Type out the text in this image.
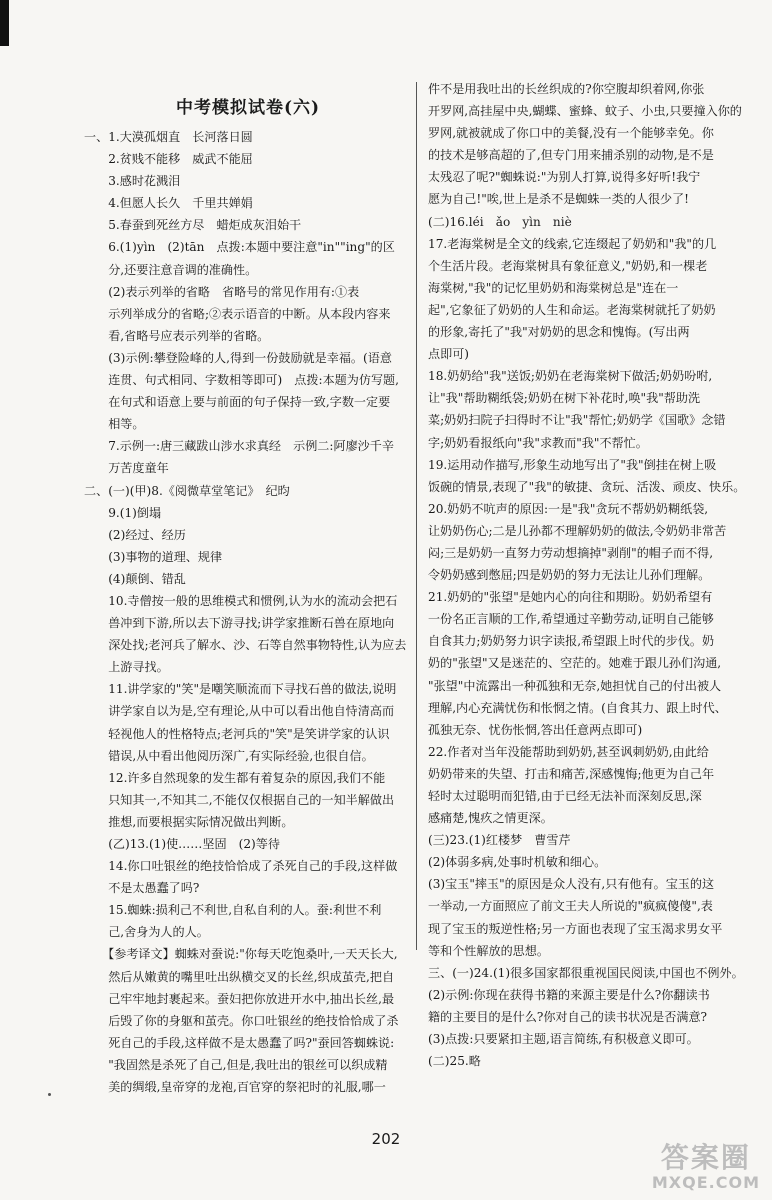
中考模拟试卷(六)
一、1.大漠孤烟直　长河落日圆
　　2.贫贱不能移　威武不能屈
　　3.感时花溅泪
　　4.但愿人长久　千里共婵娟
　　5.春蚕到死丝方尽　蜡炬成灰泪始干
　　6.(1)yìn　(2)tān　点拨:本题中要注意"in""ing"的区
　　分,还要注意音调的准确性。
　　(2)表示列举的省略　省略号的常见作用有:①表
　　示列举成分的省略;②表示语音的中断。从本段内容来
　　看,省略号应表示列举的省略。
　　(3)示例:攀登险峰的人,得到一份鼓励就是幸福。(语意
　　连贯、句式相同、字数相等即可)　点拨:本题为仿写题,
　　在句式和语意上要与前面的句子保持一致,字数一定要
　　相等。
　　7.示例一:唐三藏跋山涉水求真经　示例二:阿廖沙千辛
　　万苦度童年
二、(一)(甲)8.《阅微草堂笔记》　纪昀
　　9.(1)倒塌
　　(2)经过、经历
　　(3)事物的道理、规律
　　(4)颠倒、错乱
　　10.寺僧按一般的思维模式和惯例,认为水的流动会把石
　　兽冲到下游,所以去下游寻找;讲学家推断石兽在原地向
　　深处找;老河兵了解水、沙、石等自然事物特性,认为应去
　　上游寻找。
　　11.讲学家的"笑"是嘲笑顺流而下寻找石兽的做法,说明
　　讲学家自以为是,空有理论,从中可以看出他自恃清高而
　　轻视他人的性格特点;老河兵的"笑"是笑讲学家的认识
　　错误,从中看出他阅历深广,有实际经验,也很自信。
　　12.许多自然现象的发生都有着复杂的原因,我们不能
　　只知其一,不知其二,不能仅仅根据自己的一知半解做出
　　推想,而要根据实际情况做出判断。
　　(乙)13.(1)使……坚固　(2)等待
　　14.你口吐银丝的绝技恰恰成了杀死自己的手段,这样做
　　不是太愚蠢了吗?
　　15.蜘蛛:损利己不利世,自私自利的人。蚕:利世不利
　　己,舍身为人的人。
　　【参考译文】蜘蛛对蚕说:"你每天吃饱桑叶,一天天长大,
　　然后从嫩黄的嘴里吐出纵横交叉的长丝,织成茧壳,把自
　　己牢牢地封裹起来。蚕妇把你放进开水中,抽出长丝,最
　　后毁了你的身躯和茧壳。你口吐银丝的绝技恰恰成了杀
　　死自己的手段,这样做不是太愚蠢了吗?"蚕回答蜘蛛说:
　　"我固然是杀死了自己,但是,我吐出的银丝可以织成精
　　美的绸缎,皇帝穿的龙袍,百官穿的祭祀时的礼服,哪一
件不是用我吐出的长丝织成的?你空腹却织着网,你张
开罗网,高挂屋中央,蝴蝶、蜜蜂、蚊子、小虫,只要撞入你的
罗网,就被就成了你口中的美餐,没有一个能够幸免。你
的技术是够高超的了,但专门用来捕杀别的动物,是不是
太残忍了呢?"蜘蛛说:"为别人打算,说得多好听!我宁
愿为自己!"唉,世上是杀不是蜘蛛一类的人很少了!
(二)16.léi　ǎo　yìn　niè
17.老海棠树是全文的线索,它连缀起了奶奶和"我"的几
个生活片段。老海棠树具有象征意义,"奶奶,和一棵老
海棠树,"我"的记忆里奶奶和海棠树总是"连在一
起",它象征了奶奶的人生和命运。老海棠树就托了奶奶
的形象,寄托了"我"对奶奶的思念和愧悔。(写出两
点即可)
18.奶奶给"我"送饭;奶奶在老海棠树下做活;奶奶吩咐,
让"我"帮助糊纸袋;奶奶在树下补花时,唤"我"帮助洗
菜;奶奶扫院子扫得时不让"我"帮忙;奶奶学《国歌》念错
字;奶奶看报纸向"我"求教而"我"不帮忙。
19.运用动作描写,形象生动地写出了"我"倒挂在树上吸
饭碗的情景,表现了"我"的敏捷、贪玩、活泼、顽皮、快乐。
20.奶奶不吭声的原因:一是"我"贪玩不帮奶奶糊纸袋,
让奶奶伤心;二是儿孙都不理解奶奶的做法,令奶奶非常苦
闷;三是奶奶一直努力劳动想摘掉"剥削"的帽子而不得,
令奶奶感到憋屈;四是奶奶的努力无法让儿孙们理解。
21.奶奶的"张望"是她内心的向往和期盼。奶奶希望有
一份名正言顺的工作,希望通过辛勤劳动,证明自己能够
自食其力;奶奶努力识字读报,希望跟上时代的步伐。奶
奶的"张望"又是迷茫的、空茫的。她难于跟儿孙们沟通,
"张望"中流露出一种孤独和无奈,她担忧自己的付出被人
理解,内心充满忧伤和怅惘之情。(自食其力、跟上时代、
孤独无奈、忧伤怅惘,答出任意两点即可)
22.作者对当年没能帮助到奶奶,甚至讽刺奶奶,由此给
奶奶带来的失望、打击和痛苦,深感愧悔;他更为自己年
轻时太过聪明而犯错,由于已经无法补而深刻反思,深
感痛楚,愧疚之情更深。
(三)23.(1)红楼梦　曹雪芹
(2)体弱多病,处事时机敏和细心。
(3)宝玉"摔玉"的原因是众人没有,只有他有。宝玉的这
一举动,一方面照应了前文王夫人所说的"疯疯傻傻",表
现了宝玉的叛逆性格;另一方面也表现了宝玉渴求男女平
等和个性解放的思想。
三、(一)24.(1)很多国家都很重视国民阅读,中国也不例外。
(2)示例:你现在获得书籍的来源主要是什么?你翻读书
籍的主要目的是什么?你对自己的读书状况是否满意?
(3)点拨:只要紧扣主题,语言简练,有积极意义即可。
(二)25.略
202
答案圈
MXQE.COM
